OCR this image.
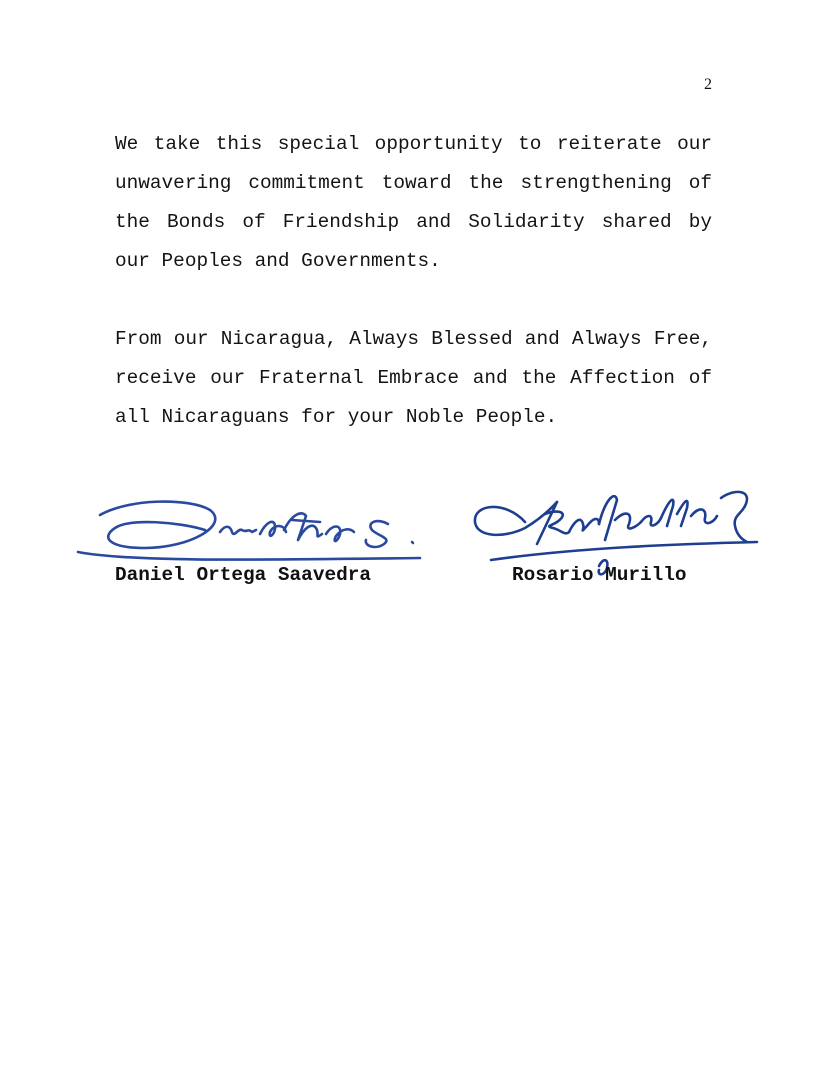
2

We take this special opportunity to reiterate our unwavering commitment toward the strengthening of the Bonds of Friendship and Solidarity shared by our Peoples and Governments.

From our Nicaragua, Always Blessed and Always Free, receive our Fraternal Embrace and the Affection of all Nicaraguans for your Noble People.

Daniel Ortega Saavedra	Rosario Murillo
